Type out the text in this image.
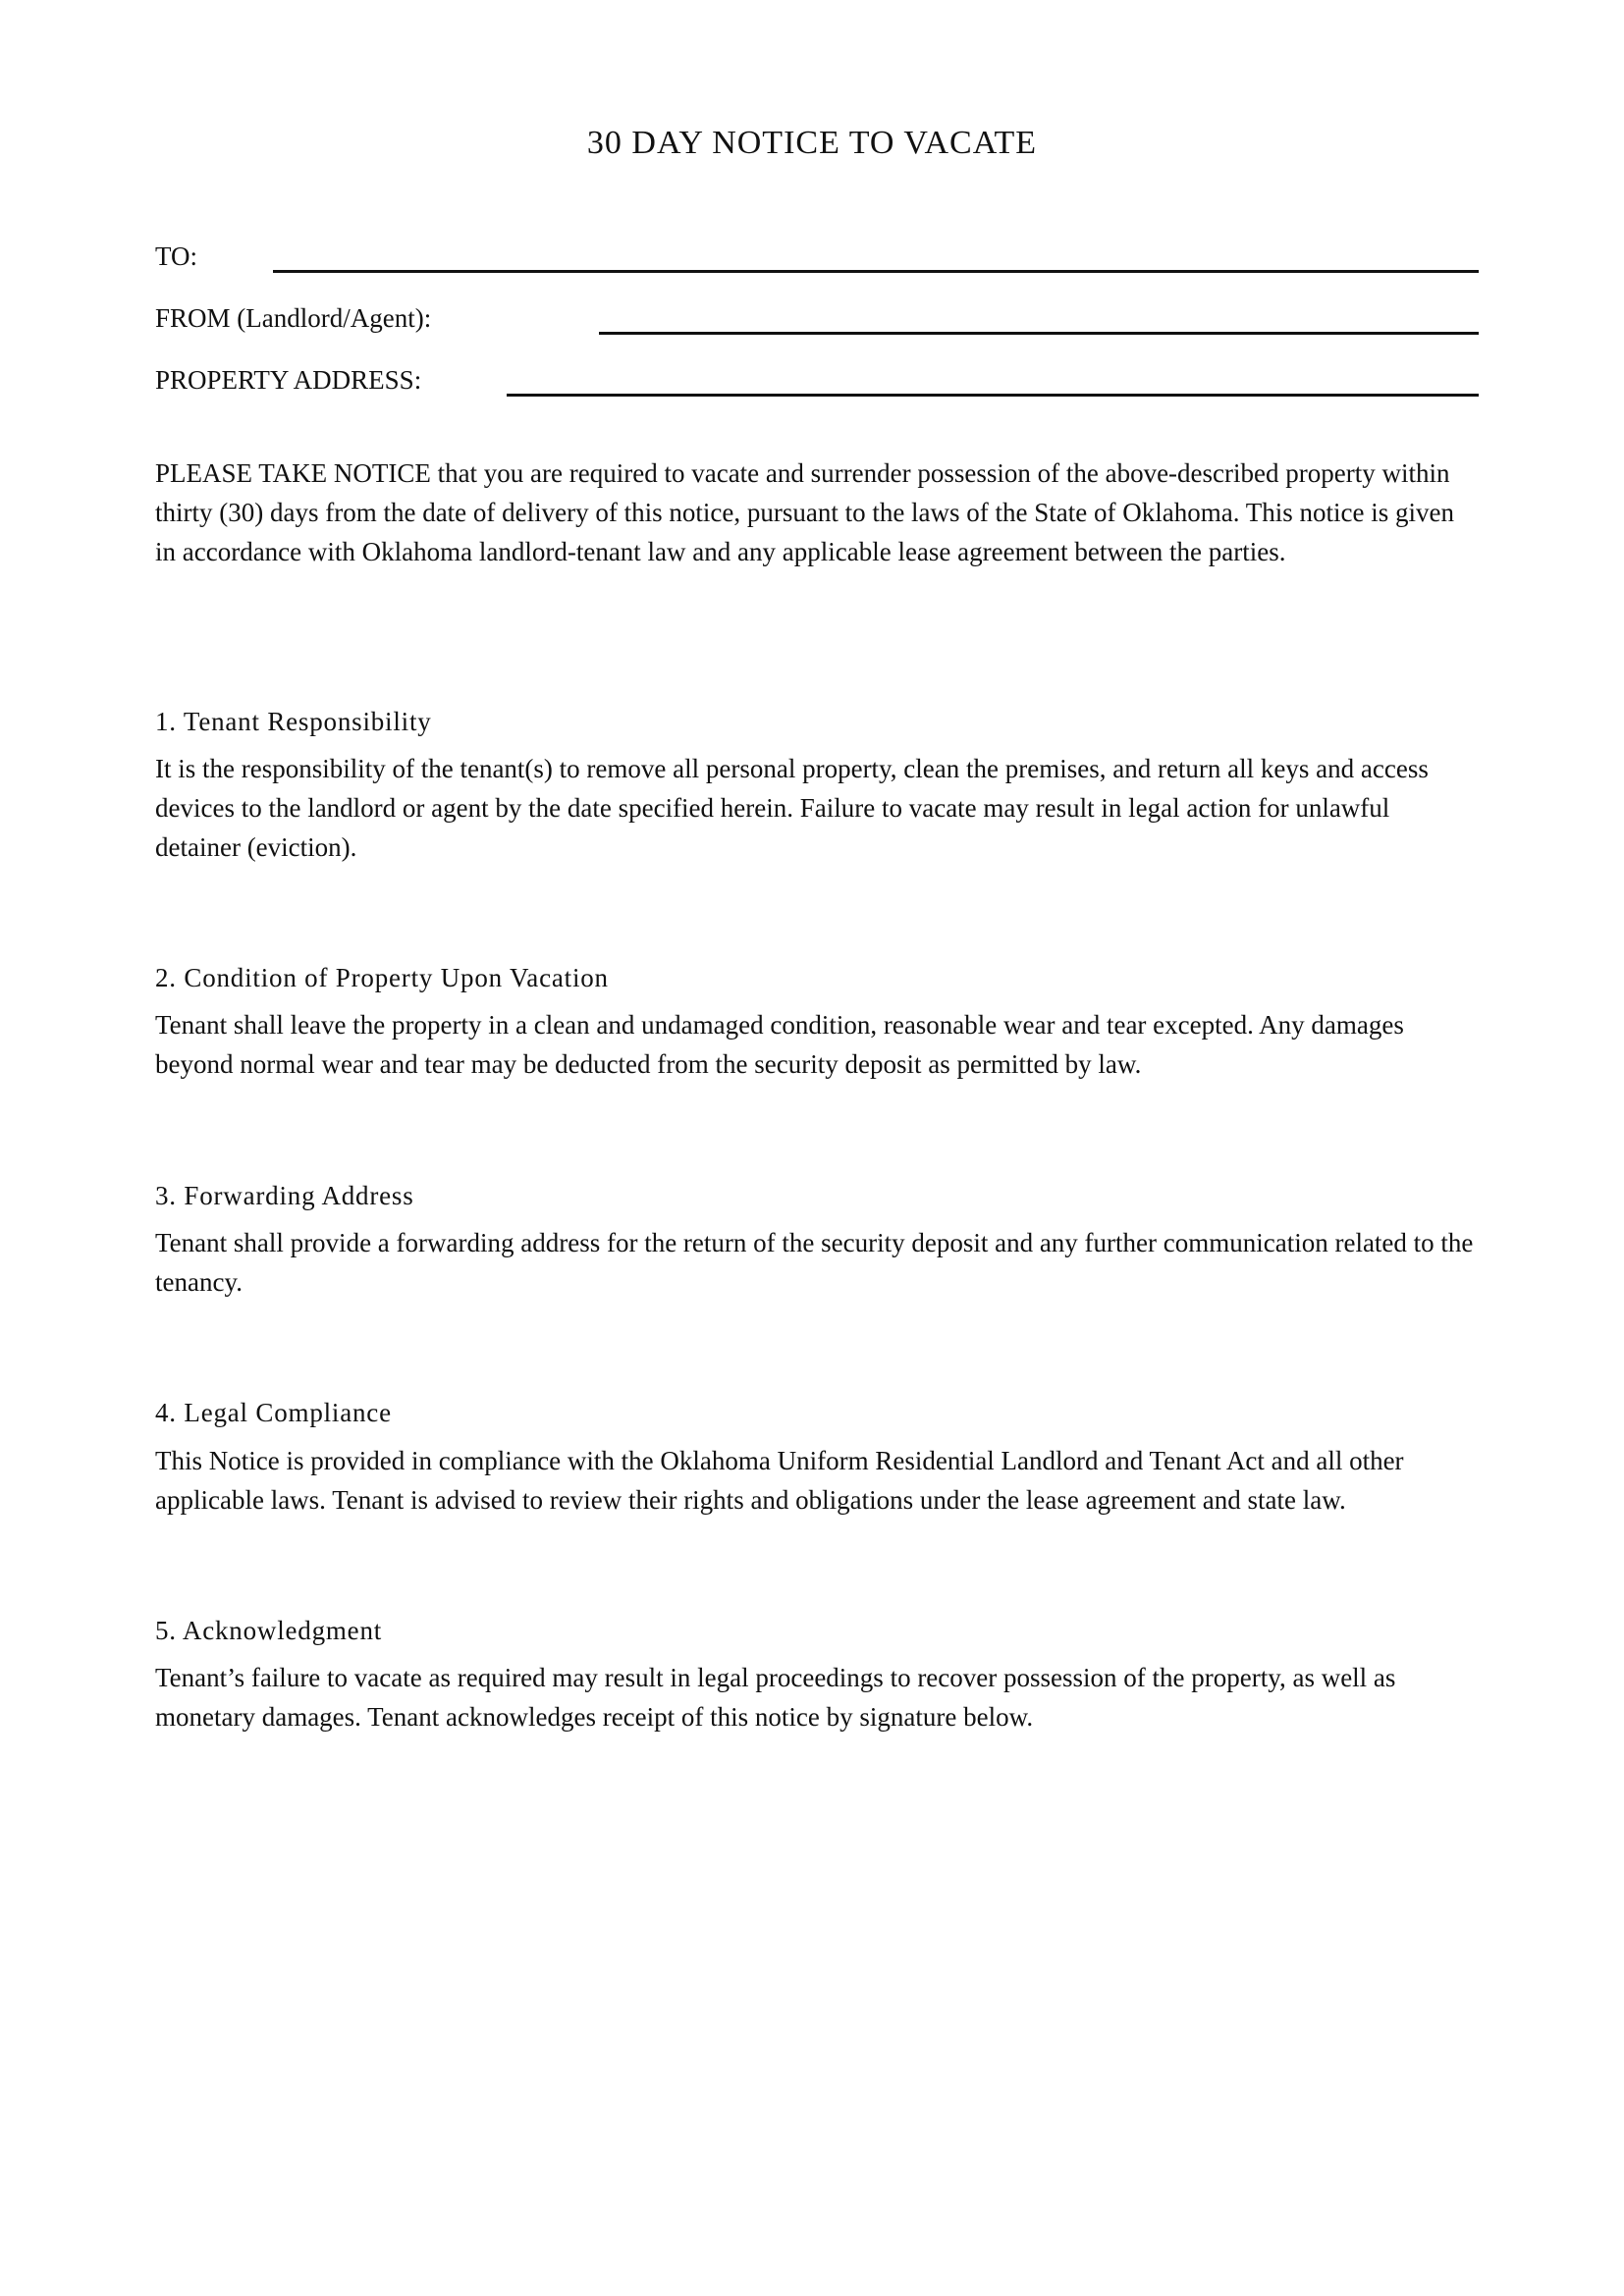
30 DAY NOTICE TO VACATE
TO:
FROM (Landlord/Agent):
PROPERTY ADDRESS:

PLEASE TAKE NOTICE that you are required to vacate and surrender possession of the above-described property within thirty (30) days from the date of delivery of this notice, pursuant to the laws of the State of Oklahoma. This notice is given in accordance with Oklahoma landlord-tenant law and any applicable lease agreement between the parties.

1. Tenant Responsibility

It is the responsibility of the tenant(s) to remove all personal property, clean the premises, and return all keys and access devices to the landlord or agent by the date specified herein. Failure to vacate may result in legal action for unlawful detainer (eviction).

2. Condition of Property Upon Vacation

Tenant shall leave the property in a clean and undamaged condition, reasonable wear and tear excepted. Any damages beyond normal wear and tear may be deducted from the security deposit as permitted by law.

3. Forwarding Address

Tenant shall provide a forwarding address for the return of the security deposit and any further communication related to the tenancy.

4. Legal Compliance

This Notice is provided in compliance with the Oklahoma Uniform Residential Landlord and Tenant Act and all other applicable laws. Tenant is advised to review their rights and obligations under the lease agreement and state law.

5. Acknowledgment

Tenant’s failure to vacate as required may result in legal proceedings to recover possession of the property, as well as monetary damages. Tenant acknowledges receipt of this notice by signature below.
